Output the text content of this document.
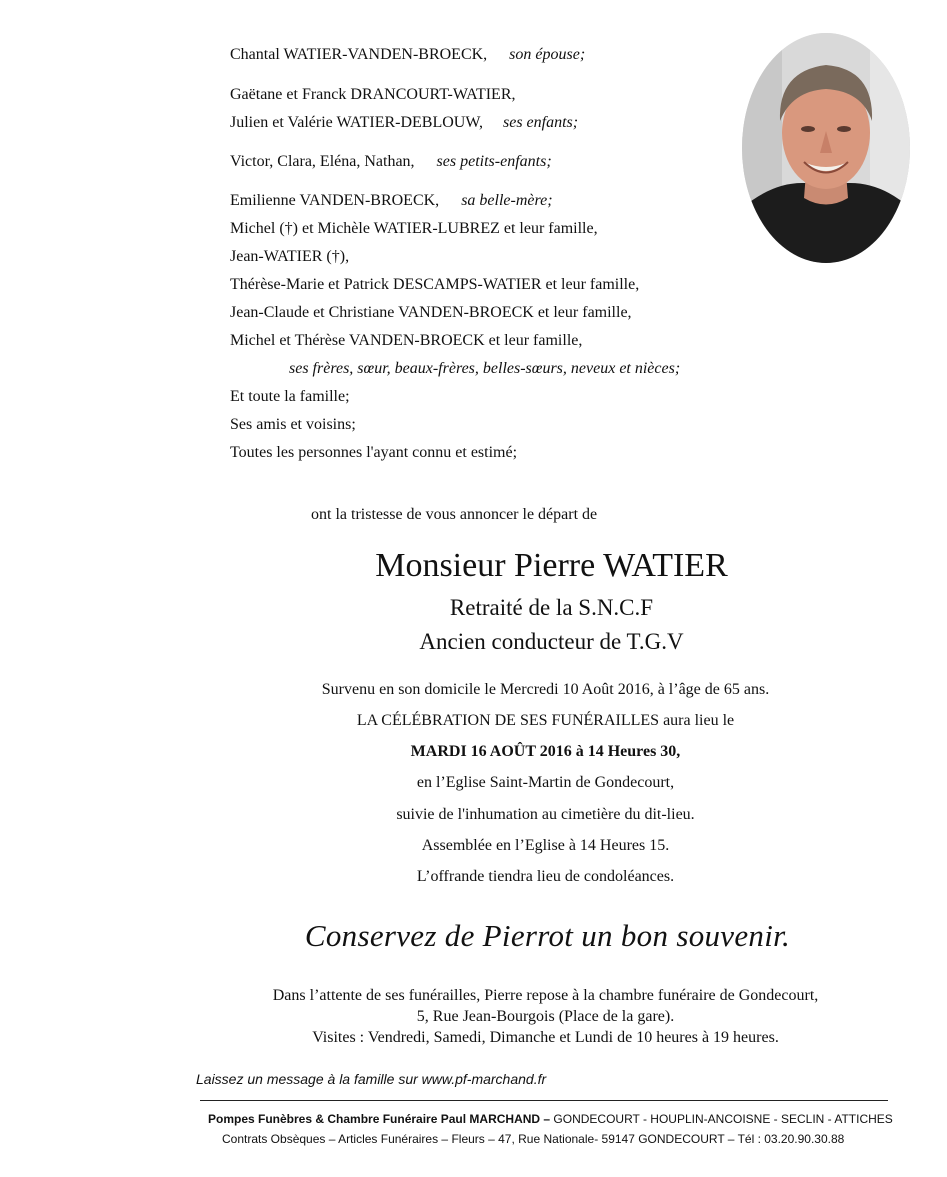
Chantal WATIER-VANDEN-BROECK, son épouse;
Gaëtane et Franck DRANCOURT-WATIER,
Julien et Valérie WATIER-DEBLOUW, ses enfants;
Victor, Clara, Eléna, Nathan, ses petits-enfants;
Emilienne VANDEN-BROECK, sa belle-mère;
Michel (†) et Michèle WATIER-LUBREZ et leur famille,
Jean-WATIER (†),
Thérèse-Marie et Patrick DESCAMPS-WATIER et leur famille,
Jean-Claude et Christiane VANDEN-BROECK et leur famille,
Michel et Thérèse VANDEN-BROECK et leur famille,
ses frères, sœur, beaux-frères, belles-sœurs, neveux et nièces;
Et toute la famille;
Ses amis et voisins;
Toutes les personnes l'ayant connu et estimé;
ont la tristesse de vous annoncer le départ de
Monsieur Pierre WATIER
Retraité de la S.N.C.F
Ancien conducteur de T.G.V
Survenu en son domicile le Mercredi 10 Août 2016, à l’âge de 65 ans.
LA CÉLÉBRATION DE SES FUNÉRAILLES aura lieu le
MARDI 16 AOÛT 2016 à 14 Heures 30,
en l’Eglise Saint-Martin de Gondecourt,
suivie de l'inhumation au cimetière du dit-lieu.
Assemblée en l’Eglise à 14 Heures 15.
L’offrande tiendra lieu de condoléances.
Conservez de Pierrot un bon souvenir.
Dans l’attente de ses funérailles, Pierre repose à la chambre funéraire de Gondecourt,
5, Rue Jean-Bourgois (Place de la gare).
Visites : Vendredi, Samedi, Dimanche et Lundi de 10 heures à 19 heures.
Laissez un message à la famille sur www.pf-marchand.fr
Pompes Funèbres & Chambre Funéraire Paul MARCHAND – GONDECOURT - HOUPLIN-ANCOISNE - SECLIN - ATTICHES
Contrats Obsèques – Articles Funéraires – Fleurs – 47, Rue Nationale- 59147 GONDECOURT – Tél : 03.20.90.30.88
